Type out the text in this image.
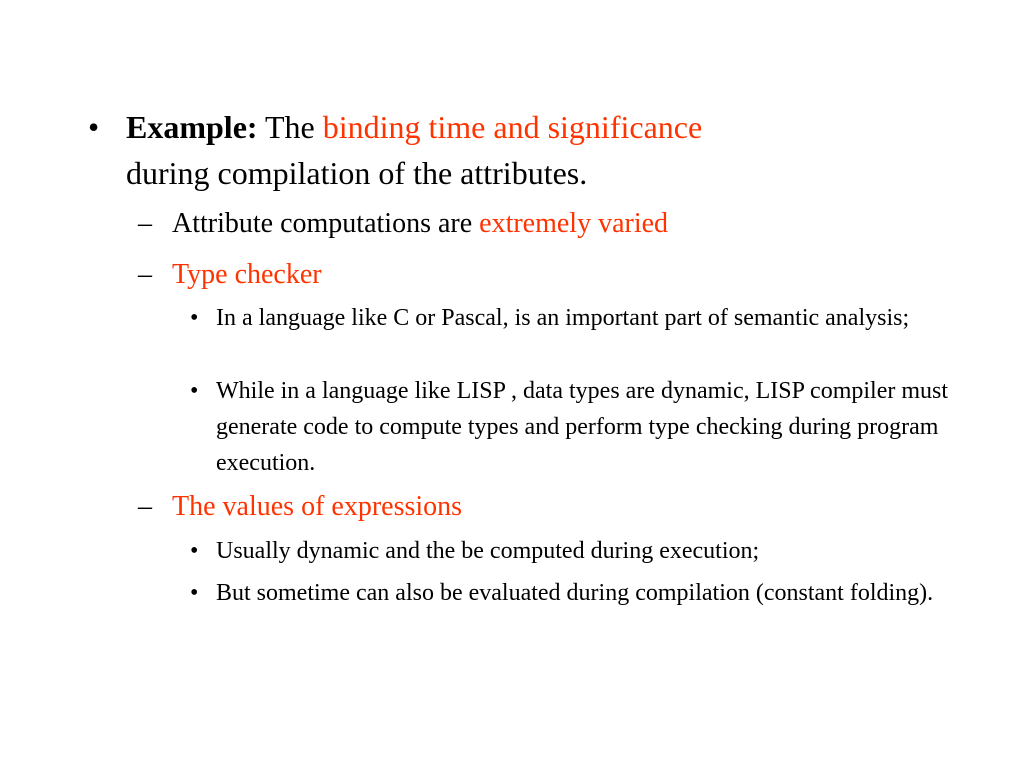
• Example: The binding time and significance
during compilation of the attributes.
– Attribute computations are extremely varied
– Type checker
• In a language like C or Pascal, is an important part of semantic analysis;
• While in a language like LISP , data types are dynamic, LISP compiler must generate code to compute types and perform type checking during program execution.
– The values of expressions
• Usually dynamic and the be computed during execution;
• But sometime can also be evaluated during compilation (constant folding).
